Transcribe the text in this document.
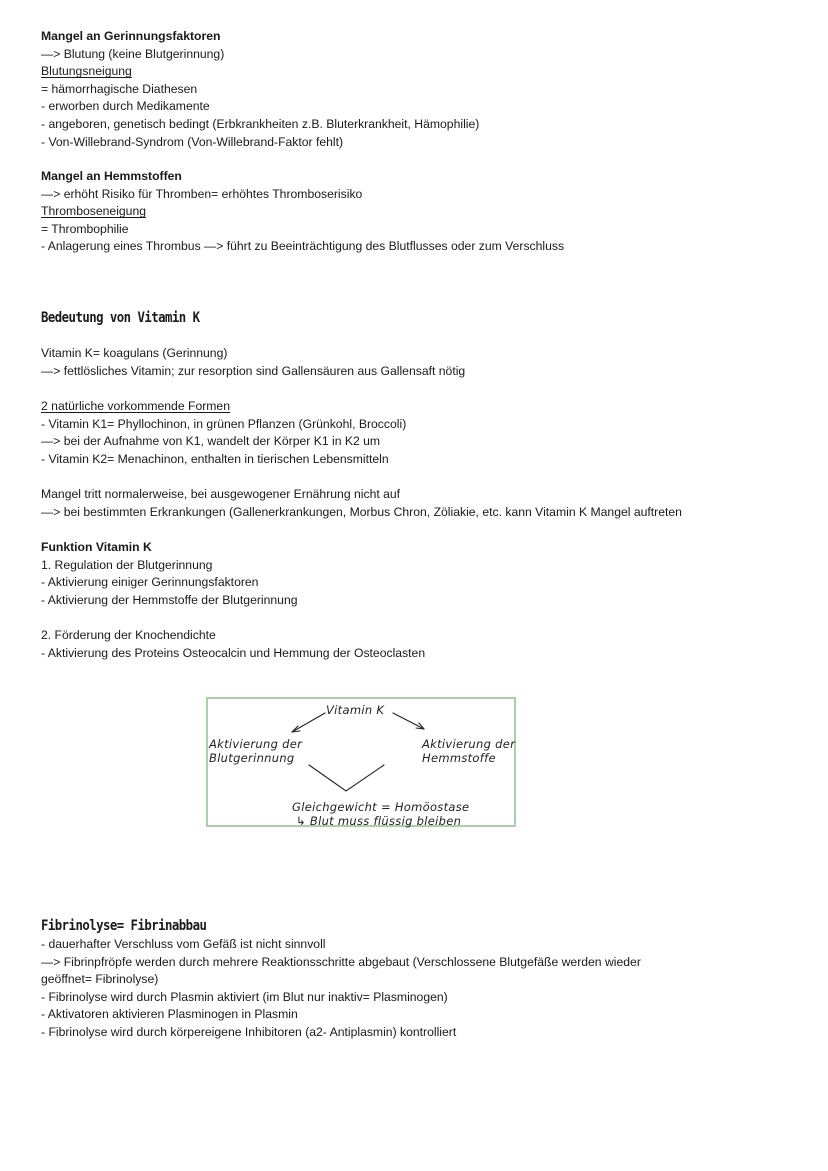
Mangel an Gerinnungsfaktoren
—> Blutung (keine Blutgerinnung)
Blutungsneigung
= hämorrhagische Diathesen
- erworben durch Medikamente
- angeboren, genetisch bedingt (Erbkrankheiten z.B. Bluterkrankheit, Hämophilie)
- Von-Willebrand-Syndrom (Von-Willebrand-Faktor fehlt)
Mangel an Hemmstoffen
—> erhöht Risiko für Thromben= erhöhtes Thromboserisiko
Thromboseneigung
= Thrombophilie
- Anlagerung eines Thrombus —> führt zu Beeinträchtigung des Blutflusses oder zum Verschluss
Bedeutung von Vitamin K
Vitamin K= koagulans (Gerinnung)
—> fettlösliches Vitamin; zur resorption sind Gallensäuren aus Gallensaft nötig
2 natürliche vorkommende Formen
- Vitamin K1= Phyllochinon, in grünen Pflanzen (Grünkohl, Broccoli)
—> bei der Aufnahme von K1, wandelt der Körper K1 in K2 um
- Vitamin K2= Menachinon, enthalten in tierischen Lebensmitteln
Mangel tritt normalerweise, bei ausgewogener Ernährung nicht auf
—> bei bestimmten Erkrankungen (Gallenerkrankungen, Morbus Chron, Zöliakie, etc. kann Vitamin K Mangel auftreten
Funktion Vitamin K
1. Regulation der Blutgerinnung
- Aktivierung einiger Gerinnungsfaktoren
- Aktivierung der Hemmstoffe der Blutgerinnung
2. Förderung der Knochendichte
- Aktivierung des Proteins Osteocalcin und Hemmung der Osteoclasten
Vitamin K
Aktivierung der
Blutgerinnung
Aktivierung der
Hemmstoffe
Gleichgewicht = Homöostase
↳ Blut muss flüssig bleiben
Fibrinolyse= Fibrinabbau
- dauerhafter Verschluss vom Gefäß ist nicht sinnvoll
—> Fibrinpfröpfe werden durch mehrere Reaktionsschritte abgebaut (Verschlossene Blutgefäße werden wieder geöffnet= Fibrinolyse)
- Fibrinolyse wird durch Plasmin aktiviert (im Blut nur inaktiv= Plasminogen)
- Aktivatoren aktivieren Plasminogen in Plasmin
- Fibrinolyse wird durch körpereigene Inhibitoren (a2- Antiplasmin) kontrolliert
